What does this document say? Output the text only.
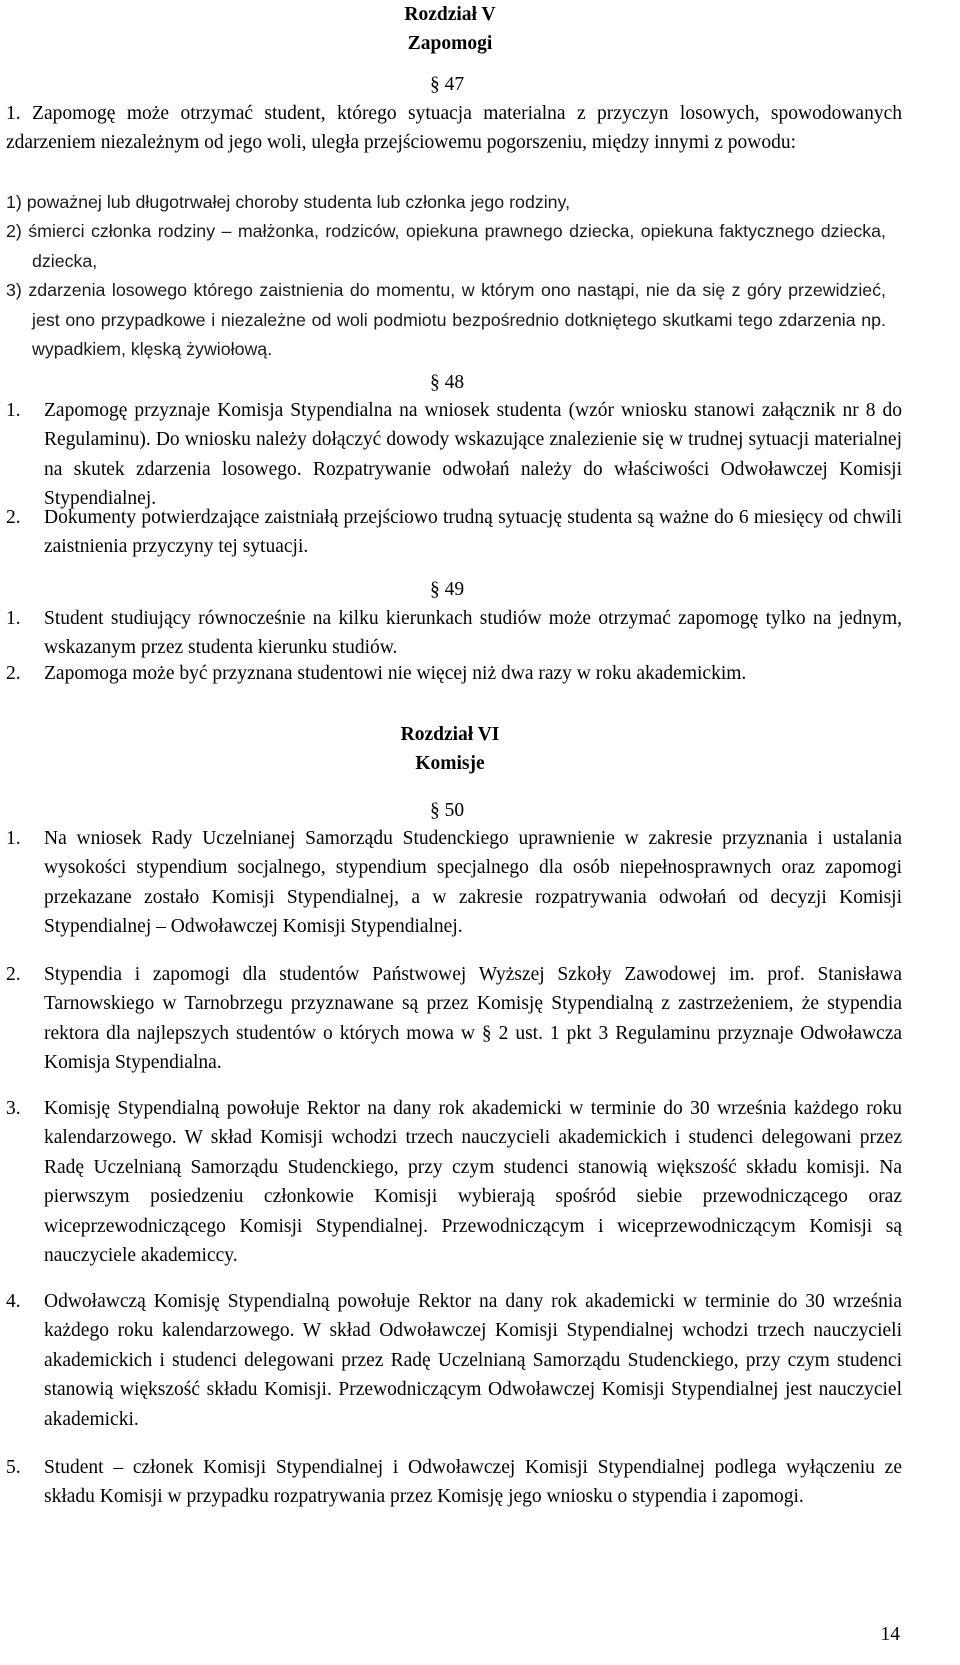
Rozdział V
Zapomogi
§ 47
1. Zapomogę może otrzymać student, którego sytuacja materialna z przyczyn losowych, spowodowanych zdarzeniem niezależnym od jego woli, uległa przejściowemu pogorszeniu, między innymi z powodu:
1) poważnej lub długotrwałej choroby studenta lub członka jego rodziny,
2) śmierci członka rodziny – małżonka, rodziców, opiekuna prawnego dziecka, opiekuna faktycznego dziecka, dziecka,
3) zdarzenia losowego którego zaistnienia do momentu, w którym ono nastąpi, nie da się z góry przewidzieć, jest ono przypadkowe i niezależne od woli podmiotu bezpośrednio dotkniętego skutkami tego zdarzenia np. wypadkiem, klęską żywiołową.
§ 48
1. Zapomogę przyznaje Komisja Stypendialna na wniosek studenta (wzór wniosku stanowi załącznik nr 8 do Regulaminu). Do wniosku należy dołączyć dowody wskazujące znalezienie się w trudnej sytuacji materialnej na skutek zdarzenia losowego. Rozpatrywanie odwołań należy do właściwości Odwoławczej Komisji Stypendialnej.
2. Dokumenty potwierdzające zaistniałą przejściowo trudną sytuację studenta są ważne do 6 miesięcy od chwili zaistnienia przyczyny tej sytuacji.
§ 49
1. Student studiujący równocześnie na kilku kierunkach studiów może otrzymać zapomogę tylko na jednym, wskazanym przez studenta kierunku studiów.
2. Zapomoga może być przyznana studentowi nie więcej niż dwa razy w roku akademickim.
Rozdział VI
Komisje
§ 50
1. Na wniosek Rady Uczelnianej Samorządu Studenckiego uprawnienie w zakresie przyznania i ustalania wysokości stypendium socjalnego, stypendium specjalnego dla osób niepełnosprawnych oraz zapomogi przekazane zostało Komisji Stypendialnej, a w zakresie rozpatrywania odwołań od decyzji Komisji Stypendialnej – Odwoławczej Komisji Stypendialnej.
2. Stypendia i zapomogi dla studentów Państwowej Wyższej Szkoły Zawodowej im. prof. Stanisława Tarnowskiego w Tarnobrzegu przyznawane są przez Komisję Stypendialną z zastrzeżeniem, że stypendia rektora dla najlepszych studentów o których mowa w § 2 ust. 1 pkt 3 Regulaminu przyznaje Odwoławcza Komisja Stypendialna.
3. Komisję Stypendialną powołuje Rektor na dany rok akademicki w terminie do 30 września każdego roku kalendarzowego. W skład Komisji wchodzi trzech nauczycieli akademickich i studenci delegowani przez Radę Uczelnianą Samorządu Studenckiego, przy czym studenci stanowią większość składu komisji. Na pierwszym posiedzeniu członkowie Komisji wybierają spośród siebie przewodniczącego oraz wiceprzewodniczącego Komisji Stypendialnej. Przewodniczącym i wiceprzewodniczącym Komisji są nauczyciele akademiccy.
4. Odwoławczą Komisję Stypendialną powołuje Rektor na dany rok akademicki w terminie do 30 września każdego roku kalendarzowego. W skład Odwoławczej Komisji Stypendialnej wchodzi trzech nauczycieli akademickich i studenci delegowani przez Radę Uczelnianą Samorządu Studenckiego, przy czym studenci stanowią większość składu Komisji. Przewodniczącym Odwoławczej Komisji Stypendialnej jest nauczyciel akademicki.
5. Student – członek Komisji Stypendialnej i Odwoławczej Komisji Stypendialnej podlega wyłączeniu ze składu Komisji w przypadku rozpatrywania przez Komisję jego wniosku o stypendia i zapomogi.
14
